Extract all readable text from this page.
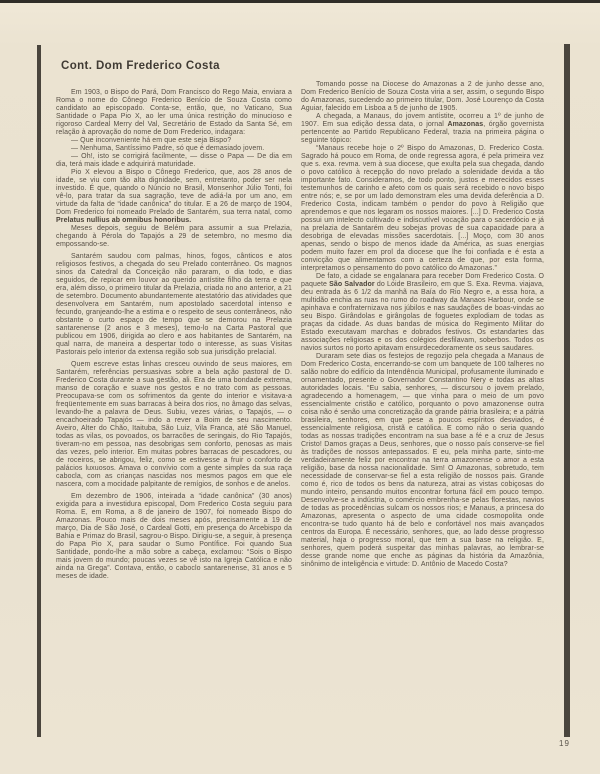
Cont. Dom Frederico Costa

Em 1903, o Bispo do Pará, Dom Francisco do Rego Maia, enviara a Roma o nome do Cônego Frederico Benício de Souza Costa como candidato ao episcopado. Conta-se, então, que, no Vaticano, Sua Santidade o Papa Pio X, ao ler uma única restrição do minucioso e rigoroso Cardeal Merry del Val, Secretário de Estado da Santa Sé, em relação à aprovação do nome de Dom Frederico, indagara:

— Que inconveniente há em que este seja Bispo?

— Nenhuma, Santíssimo Padre, só que é demasiado jovem.

— Oh!, isto se corrigirá facilmente, — disse o Papa — De dia em dia, terá mais idade e adquirirá maturidade.

Pio X elevou a Bispo o Cônego Frederico, que, aos 28 anos de idade, se viu com tão alta dignidade, sem, entretanto, poder ser nela investido. É que, quando o Núncio no Brasil, Monsenhor Júlio Tonti, foi vê-lo, para tratar da sua sagração, teve de adiá-la por um ano, em virtude da falta de “idade canônica” do titular. E a 26 de março de 1904, Dom Frederico foi nomeado Prelado de Santarém, sua terra natal, como Prelatus nullius ab omnibus honoribus.

Meses depois, seguiu de Belém para assumir a sua Prelazia, chegando à Pérola do Tapajós a 29 de setembro, no mesmo dia empossando-se.

Santarém saudou com palmas, hinos, fogos, cânticos e atos religiosos festivos, a chegada do seu Prelado conterrâneo. Os magnos sinos da Catedral da Conceição não pararam, o dia todo, e dias seguidos, de repicar em louvor ao querido antístite filho da terra e que era, além disso, o primeiro titular da Prelazia, criada no ano anterior, a 21 de setembro. Documento abundantemente atestatório das atividades que desenvolvera em Santarém, num apostolado sacerdotal intenso e fecundo, granjeando-lhe a estima e o respeito de seus conterrâneos, não obstante o curto espaço de tempo que se demorou na Prelazia santarenense (2 anos e 3 meses), temo-lo na Carta Pastoral que publicou em 1906, dirigida ao clero e aos habitantes de Santarém, na qual narra, de maneira a despertar todo o interesse, as suas Visitas Pastorais pelo interior da extensa região sob sua jurisdição prelacial.

Quem escreve estas linhas cresceu ouvindo de seus maiores, em Santarém, referências persuasivas sobre a bela ação pastoral de D. Frederico Costa durante a sua gestão, ali. Era de uma bondade extrema, manso de coração e suave nos gestos e no trato com as pessoas. Preocupava-se com os sofrimentos da gente do interior e visitava-a freqüentemente em suas barracas à beira dos rios, no âmago das selvas, levando-lhe a palavra de Deus. Subiu, vezes várias, o Tapajós, — o encachoeirado Tapajós — indo a rever a Boim de seu nascimento. Aveiro, Alter do Chão, Itaituba, São Luiz, Vila Franca, até São Manuel, todas as vilas, os povoados, os barracões de seringais, do Rio Tapajós, tiveram-no em pessoa, nas desobrigas sem conforto, penosas as mais das vezes, pelo interior. Em muitas pobres barracas de pescadores, ou de roceiros, se abrigou, feliz, como se estivesse a fruir o conforto de palácios luxuosos. Amava o convívio com a gente simples da sua raça cabocla, com as crianças nascidas nos mesmos pagos em que ele nascera, com a mocidade palpitante de remígios, de sonhos e de anelos.

Em dezembro de 1906, inteirada a “idade canônica” (30 anos) exigida para a investidura episcopal, Dom Frederico Costa seguiu para Roma. E, em Roma, a 8 de janeiro de 1907, foi nomeado Bispo do Amazonas. Pouco mais de dois meses após, precisamente a 19 de março, Dia de São José, o Cardeal Gotti, em presença do Arcebispo da Bahia e Primaz do Brasil, sagrou-o Bispo. Dirigiu-se, a seguir, à presença do Papa Pio X, para saudar o Sumo Pontífice. Foi quando Sua Santidade, pondo-lhe a mão sobre a cabeça, exclamou: “Sois o Bispo mais jovem do mundo; poucas vezes se vê isto na Igreja Católica e não ainda na Grega”. Contava, então, o caboclo santarenense, 31 anos e 5 meses de idade.

Tomando posse na Diocese do Amazonas a 2 de junho desse ano, Dom Frederico Benício de Souza Costa viria a ser, assim, o segundo Bispo do Amazonas, sucedendo ao primeiro titular, Dom. José Lourenço da Costa Aguiar, falecido em Lisboa a 5 de junho de 1905.

A chegada, a Manaus, do jovem antístite, ocorreu a 1º de junho de 1907. Em sua edição dessa data, o jornal Amazonas, órgão governista pertencente ao Partido Republicano Federal, trazia na primeira página o seguinte tópico:

“Manaus recebe hoje o 2º Bispo do Amazonas, D. Frederico Costa. Sagrado há pouco em Roma, de onde regressa agora, é pela primeira vez que s. exa. revma. vem à sua diocese, que exulta pela sua chegada, dando o povo católico à recepção do novo prelado a solenidade devida a tão importante fato. Consideramos, de todo ponto, justos e merecidos esses testemunhos de carinho e afeto com os quais será recebido o novo bispo entre nós; e, se por um lado demonstram eles uma devida deferência a D. Frederico Costa, indicam também o pendor do povo à Religião que aprendemos e que nos legaram os nossos maiores. [...] D. Frederico Costa possui um intelecto cultivado e indiscutível vocação para o sacerdócio e já na prelazia de Santarém deu sobejas provas de sua capacidade para a desobriga de elevadas missões sacerdotais. [...] Moço, com 30 anos apenas, sendo o bispo de menos idade da América, as suas energias podem muito fazer em prol da diocese que lhe foi confiada e é esta a convicção que alimentamos com a certeza de que, por esta forma, interpretamos o pensamento do povo católico do Amazonas.”

De fato, a cidade se engalanara para receber Dom Frederico Costa. O paquete São Salvador do Lóide Brasileiro, em que S. Exa. Revma. viajava, deu entrada às 6 1/2 da manhã na Baía do Rio Negro e, a essa hora, a multidão enchia as ruas no rumo do roadway da Manaos Harbour, onde se apinhava e confraternizava nos júbilos e nas saudações de boas-vindas ao seu Bispo. Girândolas e girângolas de foguetes explodiam de todas as praças da cidade. As duas bandas de música do Regimento Militar do Estado executavam marchas e dobrados festivos. Os estandartes das associações religiosas e os dos colégios desfilavam, soberbos. Todos os navios surtos no porto apitavam ensurdecedoramente os seus saudares.

Duraram sete dias os festejos de regozijo pela chegada a Manaus de Dom Frederico Costa, encerrando-se com um banquete de 100 talheres no salão nobre do edifício da Intendência Municipal, profusamente iluminado e ornamentado, presente o Governador Constantino Nery e todas as altas autoridades locais. “Eu sabia, senhores, — discursou o jovem prelado, agradecendo a homenagem, — que vinha para o meio de um povo essencialmente cristão e católico, porquanto o povo amazonense outra coisa não é senão uma concretização da grande pátria brasileira; e a pátria brasileira, senhores, em que pese a poucos espíritos desviados, é essencialmente religiosa, cristã e católica. E como não o seria quando todas as nossas tradições encontram na sua base a fé e a cruz de Jesus Cristo! Damos graças a Deus, senhores, que o nosso país conserve-se fiel às tradições de nossos antepassados. E eu, pela minha parte, sinto-me verdadeiramente feliz por encontrar na terra amazonense o amor a esta religião, base da nossa nacionalidade. Sim! O Amazonas, sobretudo, tem necessidade de conservar-se fiel a esta religião de nossos pais. Grande como é, rico de todos os bens da natureza, atrai as vistas cobiçosas do mundo inteiro, pensando muitos encontrar fortuna fácil em pouco tempo. Desenvolve-se a indústria, o comércio embrenha-se pelas florestas, navios de todas as procedências sulcam os nossos rios; e Manaus, a princesa do Amazonas, apresenta o aspecto de uma cidade cosmopolita onde encontra-se tudo quanto há de belo e confortável nos mais avançados centros da Europa. É necessário, senhores, que, ao lado desse progresso material, haja o progresso moral, que tem a sua base na religião. E, senhores, quem poderá suspeitar das minhas palavras, ao lembrar-se desse grande nome que enche as páginas da história da Amazônia, sinônimo de inteligência e virtude: D. Antônio de Macedo Costa?

19
